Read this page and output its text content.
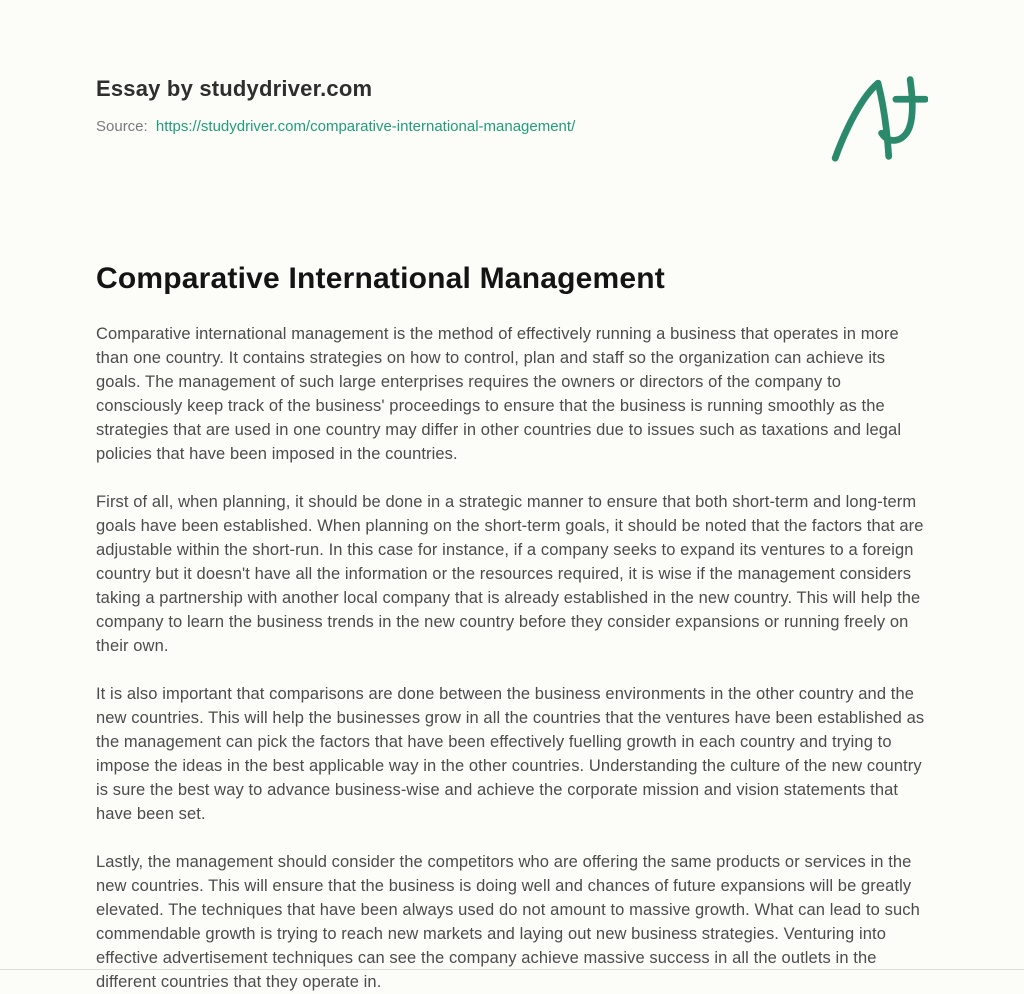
Essay by studydriver.com
Source: https://studydriver.com/comparative-international-management/
Comparative International Management

Comparative international management is the method of effectively running a business that operates in more than one country. It contains strategies on how to control, plan and staff so the organization can achieve its goals. The management of such large enterprises requires the owners or directors of the company to consciously keep track of the business' proceedings to ensure that the business is running smoothly as the strategies that are used in one country may differ in other countries due to issues such as taxations and legal policies that have been imposed in the countries.

First of all, when planning, it should be done in a strategic manner to ensure that both short-term and long-term goals have been established. When planning on the short-term goals, it should be noted that the factors that are adjustable within the short-run. In this case for instance, if a company seeks to expand its ventures to a foreign country but it doesn't have all the information or the resources required, it is wise if the management considers taking a partnership with another local company that is already established in the new country. This will help the company to learn the business trends in the new country before they consider expansions or running freely on their own.

It is also important that comparisons are done between the business environments in the other country and the new countries. This will help the businesses grow in all the countries that the ventures have been established as the management can pick the factors that have been effectively fuelling growth in each country and trying to impose the ideas in the best applicable way in the other countries. Understanding the culture of the new country is sure the best way to advance business-wise and achieve the corporate mission and vision statements that have been set.

Lastly, the management should consider the competitors who are offering the same products or services in the new countries. This will ensure that the business is doing well and chances of future expansions will be greatly elevated. The techniques that have been always used do not amount to massive growth. What can lead to such commendable growth is trying to reach new markets and laying out new business strategies. Venturing into effective advertisement techniques can see the company achieve massive success in all the outlets in the different countries that they operate in.
